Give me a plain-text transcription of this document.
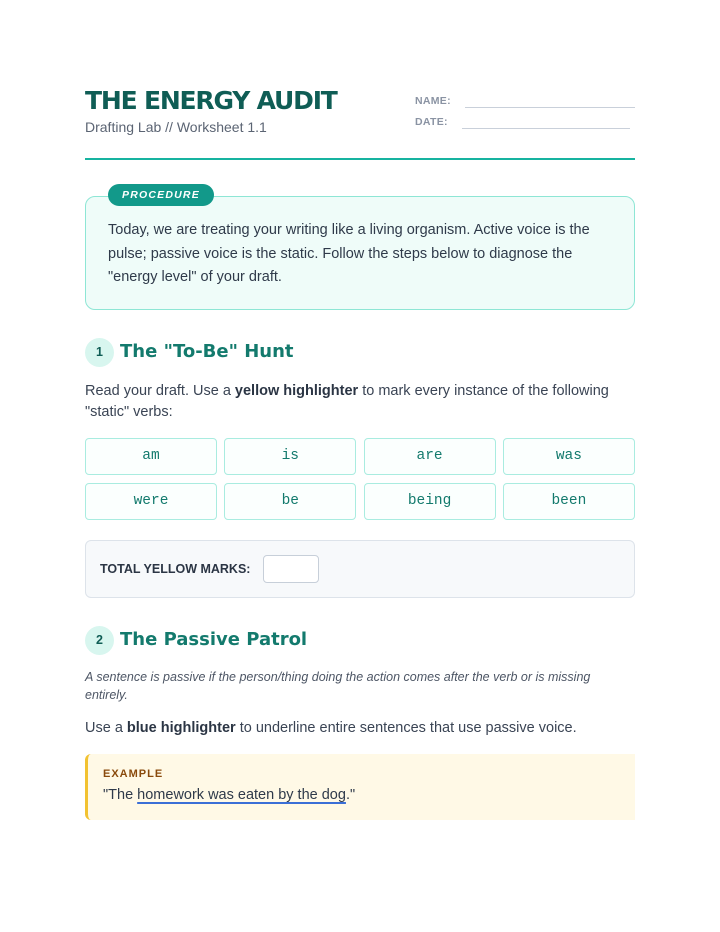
THE ENERGY AUDIT
Drafting Lab // Worksheet 1.1
NAME:
DATE:
PROCEDURE
Today, we are treating your writing like a living organism. Active voice is the pulse; passive voice is the static. Follow the steps below to diagnose the "energy level" of your draft.
1 The "To-Be" Hunt
Read your draft. Use a yellow highlighter to mark every instance of the following "static" verbs:
am	is	are	was
were	be	being	been
TOTAL YELLOW MARKS:
2 The Passive Patrol
A sentence is passive if the person/thing doing the action comes after the verb or is missing entirely.
Use a blue highlighter to underline entire sentences that use passive voice.
EXAMPLE
"The homework was eaten by the dog."
